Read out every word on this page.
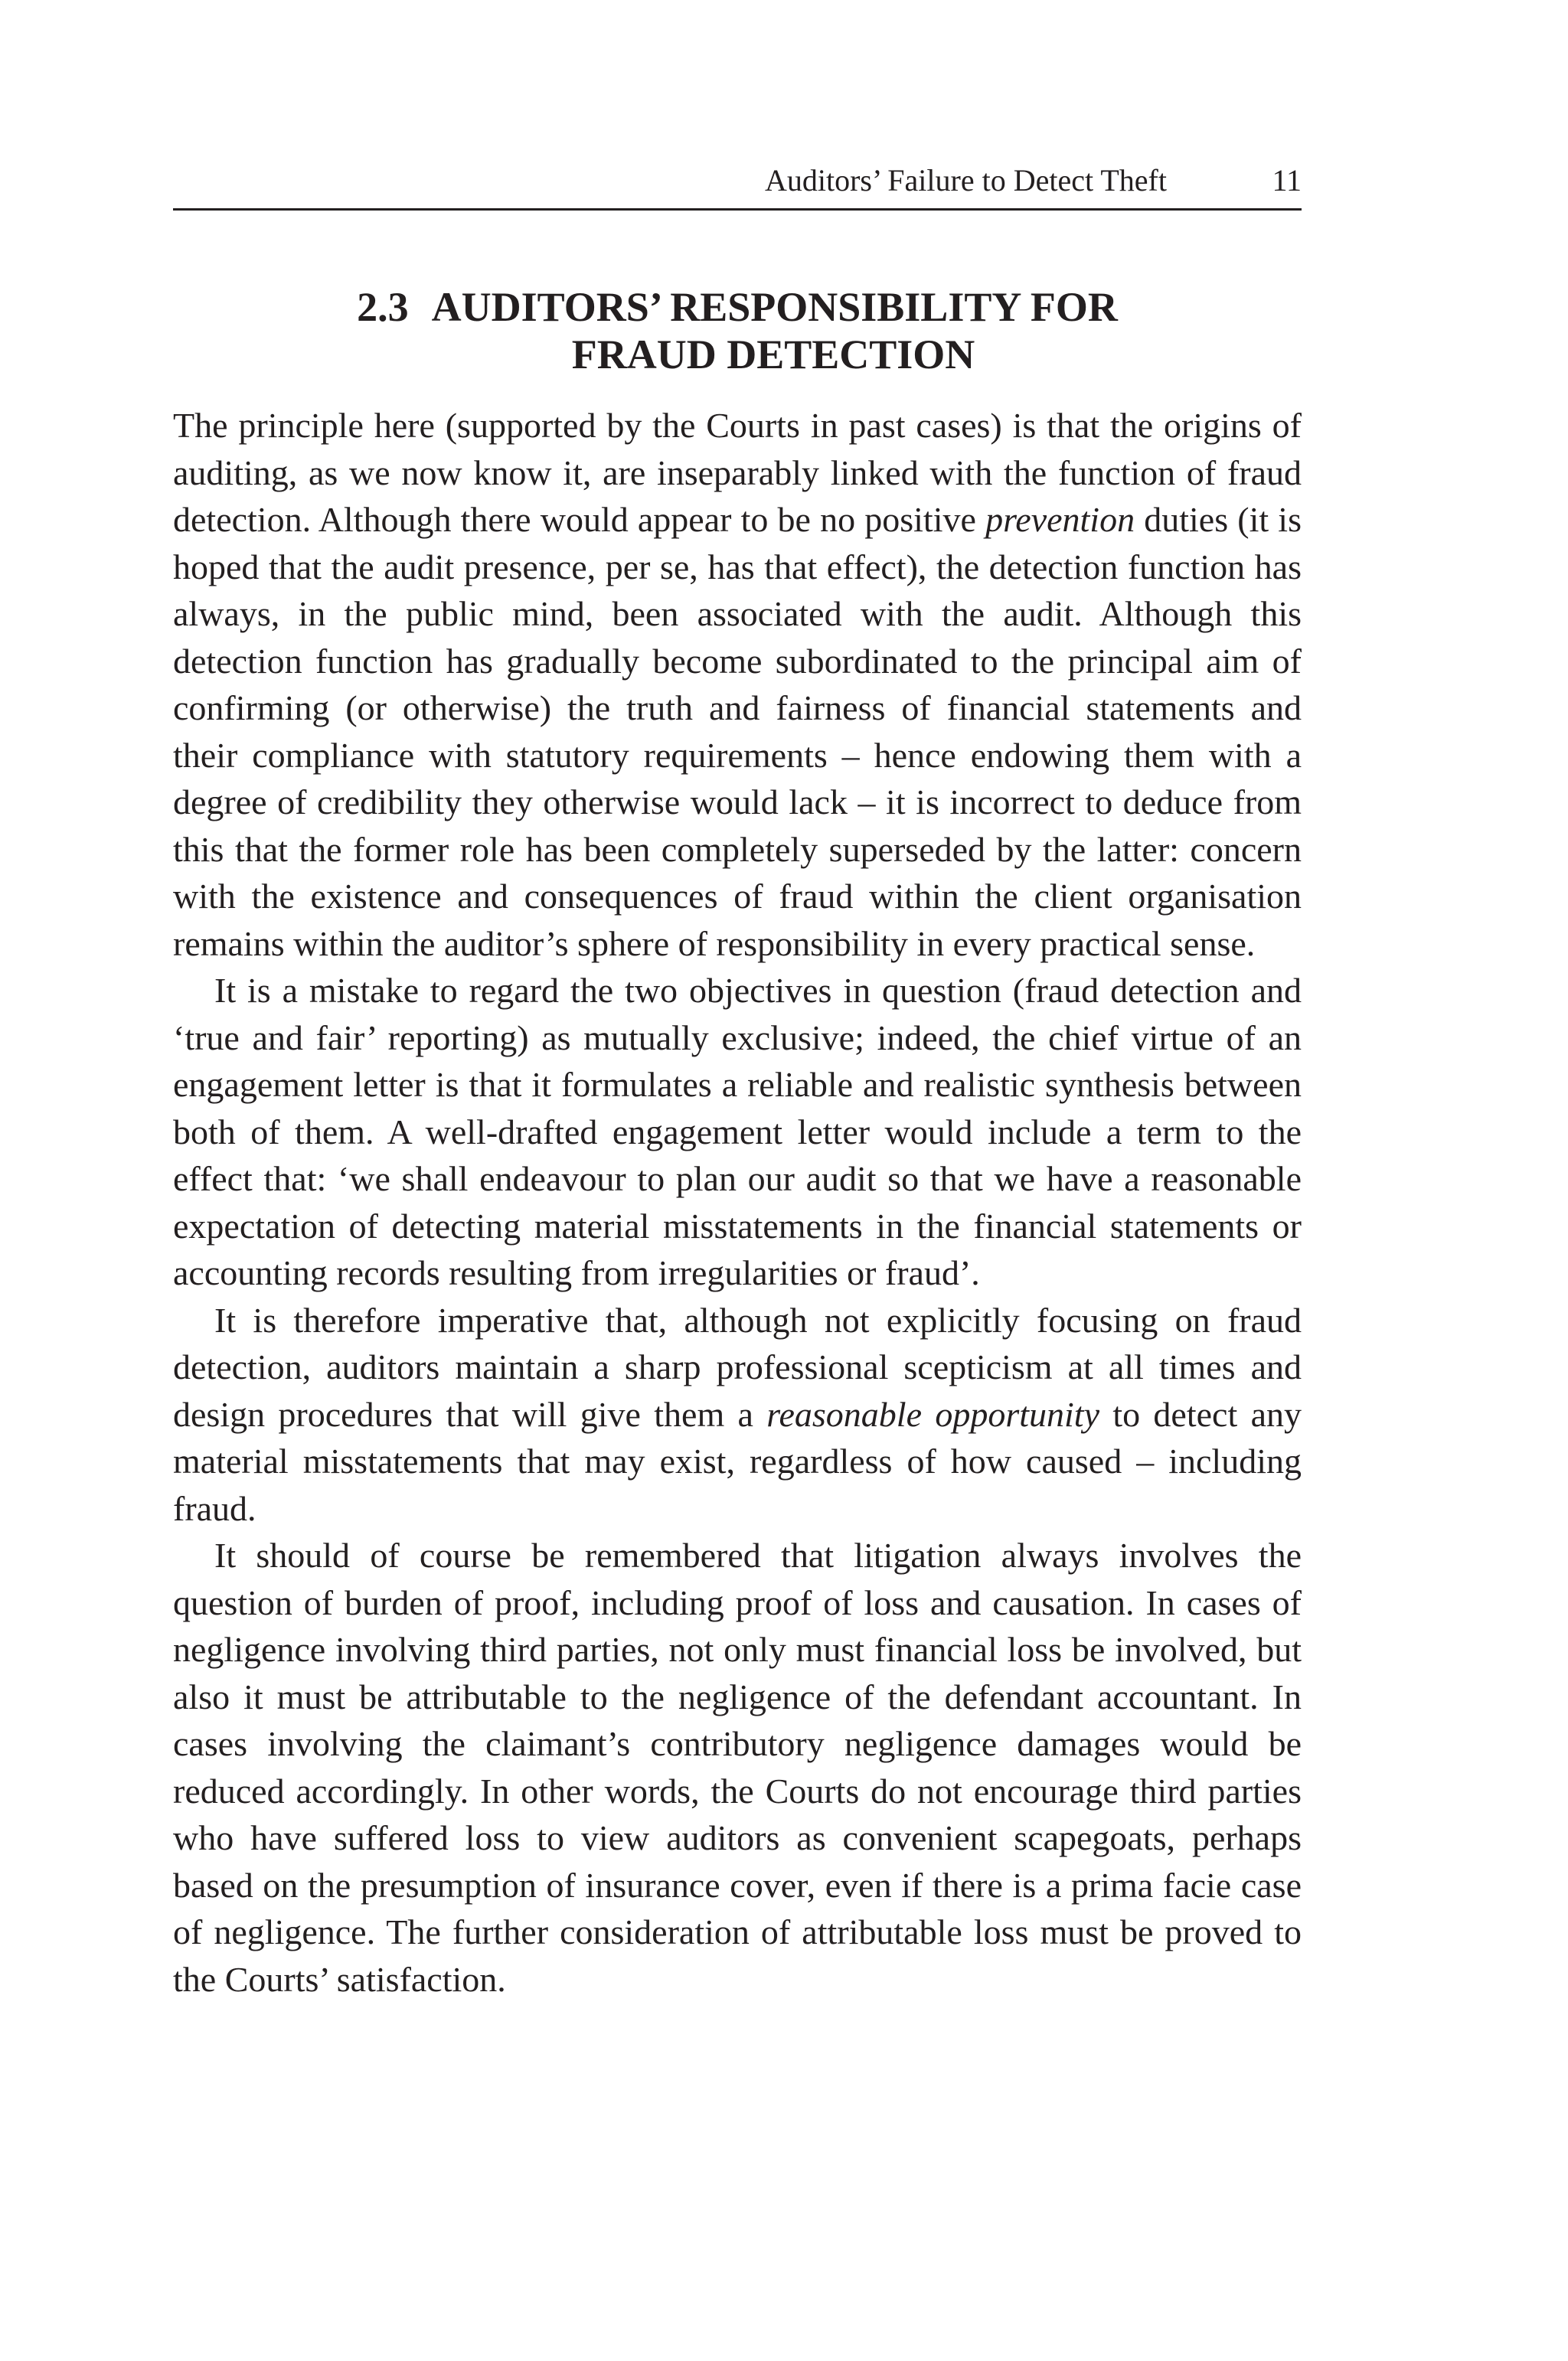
Auditors’ Failure to Detect Theft	11
2.3 AUDITORS’ RESPONSIBILITY FOR
FRAUD DETECTION

The principle here (supported by the Courts in past cases) is that the origins of auditing, as we now know it, are inseparably linked with the function of fraud detection. Although there would appear to be no positive prevention duties (it is hoped that the audit presence, per se, has that effect), the detection function has always, in the public mind, been associated with the audit. Although this detection function has gradually become subordinated to the principal aim of confirming (or otherwise) the truth and fairness of financial statements and their compliance with statutory requirements – hence endowing them with a degree of credibility they otherwise would lack – it is incorrect to deduce from this that the former role has been completely superseded by the latter: concern with the existence and consequences of fraud within the client organisation remains within the auditor’s sphere of responsibility in every practical sense.

It is a mistake to regard the two objectives in question (fraud detection and ‘true and fair’ reporting) as mutually exclusive; indeed, the chief virtue of an engagement letter is that it formulates a reliable and realistic synthesis between both of them. A well-drafted engagement letter would include a term to the effect that: ‘we shall endeavour to plan our audit so that we have a reasonable expectation of detecting material misstatements in the financial statements or accounting records resulting from irregularities or fraud’.

It is therefore imperative that, although not explicitly focusing on fraud detection, auditors maintain a sharp professional scepticism at all times and design procedures that will give them a reasonable opportunity to detect any material misstatements that may exist, regardless of how caused – including fraud.

It should of course be remembered that litigation always involves the question of burden of proof, including proof of loss and causation. In cases of negligence involving third parties, not only must financial loss be involved, but also it must be attributable to the negligence of the defendant accountant. In cases involving the claimant’s contributory negligence damages would be reduced accordingly. In other words, the Courts do not encourage third parties who have suffered loss to view auditors as convenient scapegoats, perhaps based on the presumption of insurance cover, even if there is a prima facie case of negligence. The further consideration of attributable loss must be proved to the Courts’ satisfaction.
